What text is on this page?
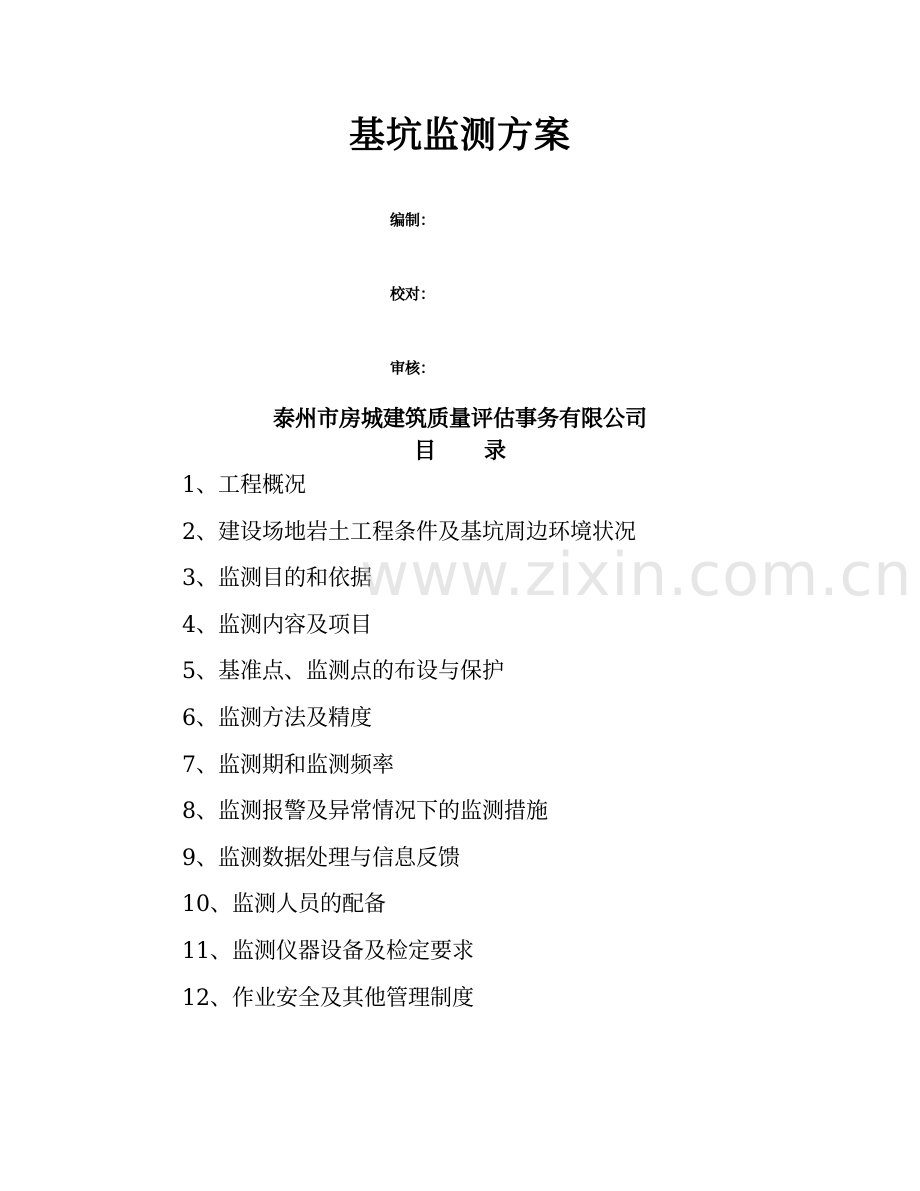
基坑监测方案
编制：
校对：
审核：
泰州市房城建筑质量评估事务有限公司
目 录
1、工程概况
2、建设场地岩土工程条件及基坑周边环境状况
3、监测目的和依据
4、监测内容及项目
5、基准点、监测点的布设与保护
6、监测方法及精度
7、监测期和监测频率
8、监测报警及异常情况下的监测措施
9、监测数据处理与信息反馈
10、监测人员的配备
11、监测仪器设备及检定要求
12、作业安全及其他管理制度
www.zixin.com.cn
